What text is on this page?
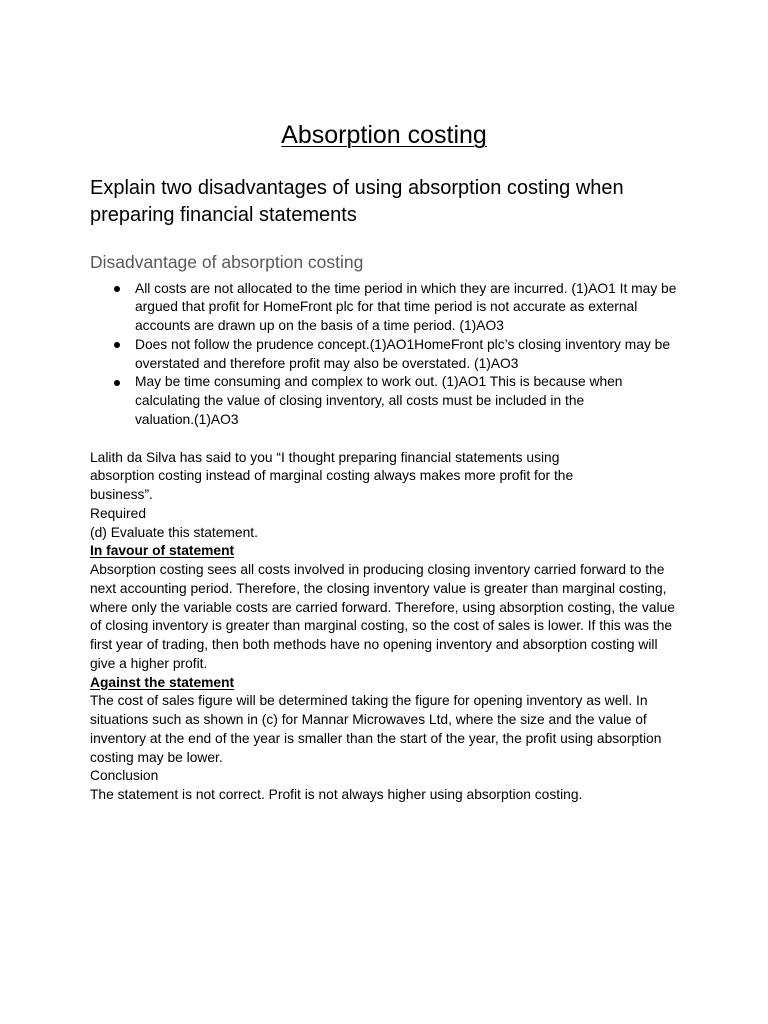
Absorption costing
Explain two disadvantages of using absorption costing when
preparing financial statements
Disadvantage of absorption costing
All costs are not allocated to the time period in which they are incurred. (1)AO1 It may be
argued that profit for HomeFront plc for that time period is not accurate as external
accounts are drawn up on the basis of a time period. (1)AO3
Does not follow the prudence concept.(1)AO1HomeFront plc’s closing inventory may be
overstated and therefore profit may also be overstated. (1)AO3
May be time consuming and complex to work out. (1)AO1 This is because when
calculating the value of closing inventory, all costs must be included in the
valuation.(1)AO3
Lalith da Silva has said to you “I thought preparing financial statements using
absorption costing instead of marginal costing always makes more profit for the
business”.
Required
(d) Evaluate this statement.
In favour of statement
Absorption costing sees all costs involved in producing closing inventory carried forward to the
next accounting period. Therefore, the closing inventory value is greater than marginal costing,
where only the variable costs are carried forward. Therefore, using absorption costing, the value
of closing inventory is greater than marginal costing, so the cost of sales is lower. If this was the
first year of trading, then both methods have no opening inventory and absorption costing will
give a higher profit.
Against the statement
The cost of sales figure will be determined taking the figure for opening inventory as well. In
situations such as shown in (c) for Mannar Microwaves Ltd, where the size and the value of
inventory at the end of the year is smaller than the start of the year, the profit using absorption
costing may be lower.
Conclusion
The statement is not correct. Profit is not always higher using absorption costing.
